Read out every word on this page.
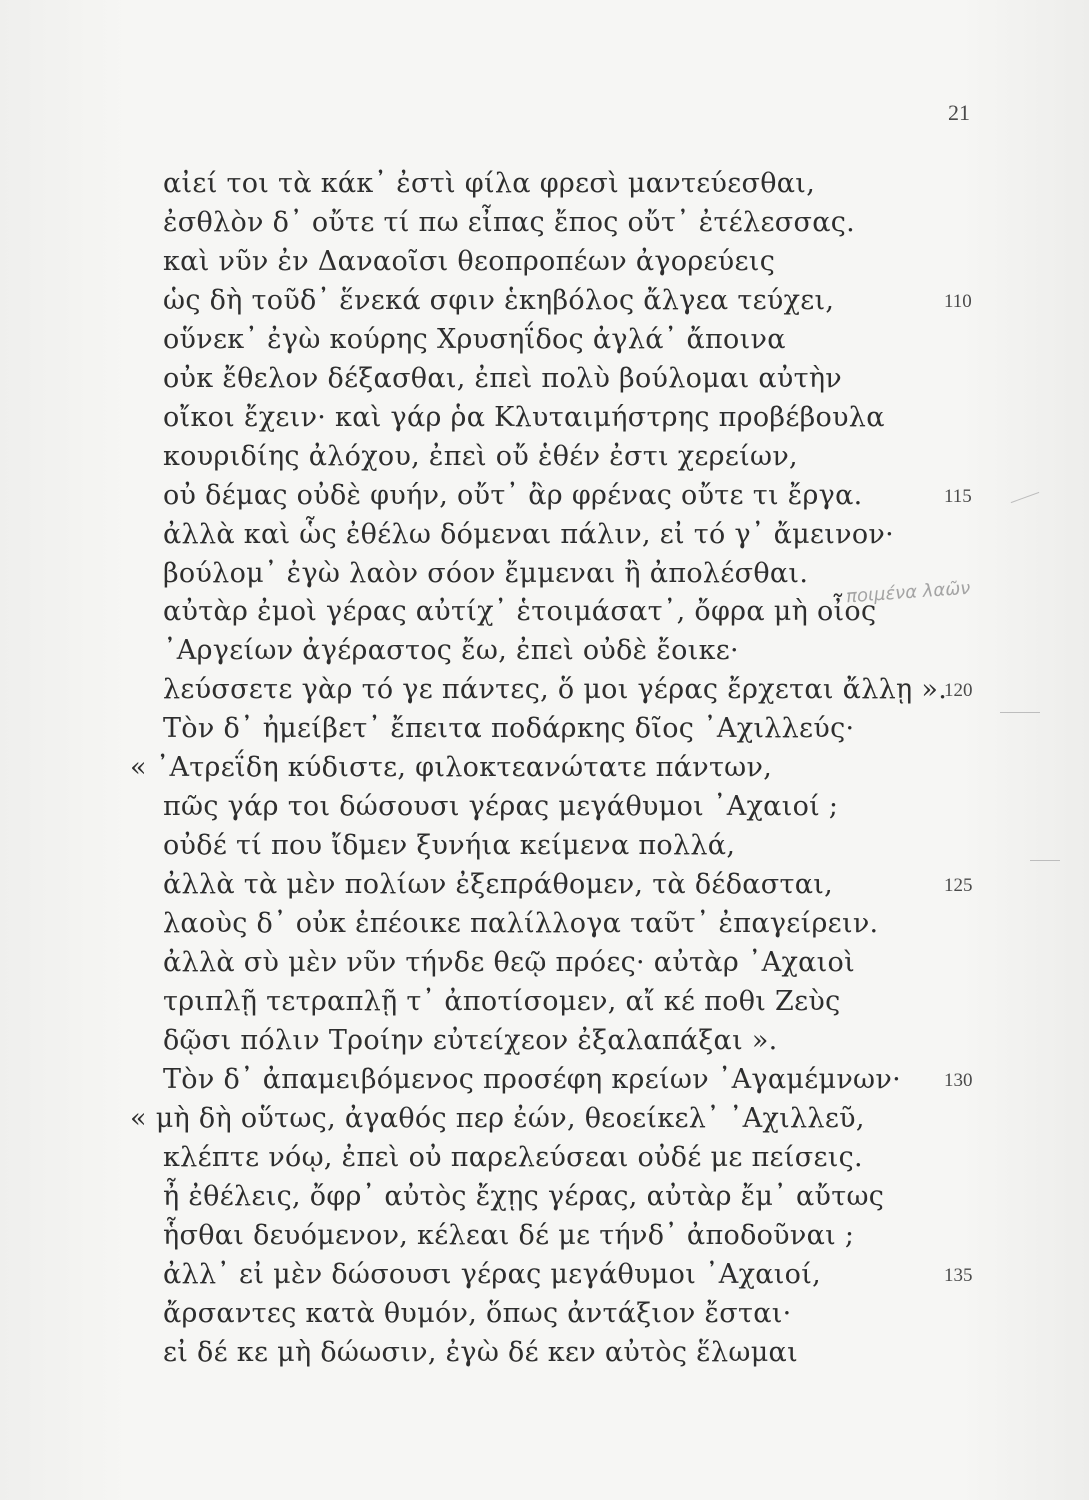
21
αἰεί τοι τὰ κάκ᾽ ἐστὶ φίλα φρεσὶ μαντεύεσθαι,
ἐσθλὸν δ᾽ οὔτε τί πω εἶπας ἔπος οὔτ᾽ ἐτέλεσσας.
καὶ νῦν ἐν Δαναοῖσι θεοπροπέων ἀγορεύεις
ὡς δὴ τοῦδ᾽ ἕνεκά σφιν ἑκηβόλος ἄλγεα τεύχει,	110
οὕνεκ᾽ ἐγὼ κούρης Χρυσηΐδος ἀγλά᾽ ἄποινα
οὐκ ἔθελον δέξασθαι, ἐπεὶ πολὺ βούλομαι αὐτὴν
οἴκοι ἔχειν· καὶ γάρ ῥα Κλυταιμήστρης προβέβουλα
κουριδίης ἀλόχου, ἐπεὶ οὔ ἑθέν ἐστι χερείων,
οὐ δέμας οὐδὲ φυήν, οὔτ᾽ ἂρ φρένας οὔτε τι ἔργα.	115
ἀλλὰ καὶ ὧς ἐθέλω δόμεναι πάλιν, εἰ τό γ᾽ ἄμεινον·
βούλομ᾽ ἐγὼ λαὸν σόον ἔμμεναι ἢ ἀπολέσθαι.
αὐτὰρ ἐμοὶ γέρας αὐτίχ᾽ ἑτοιμάσατ᾽, ὄφρα μὴ οἶος
᾽Αργείων ἀγέραστος ἔω, ἐπεὶ οὐδὲ ἔοικε·
λεύσσετε γὰρ τό γε πάντες, ὅ μοι γέρας ἔρχεται ἄλλῃ ».
120
Τὸν δ᾽ ἠμείβετ᾽ ἔπειτα ποδάρκης δῖος ᾽Αχιλλεύς·
« ᾽Ατρεΐδη κύδιστε, φιλοκτεανώτατε πάντων,
πῶς γάρ τοι δώσουσι γέρας μεγάθυμοι ᾽Αχαιοί ;
οὐδέ τί που ἴδμεν ξυνήια κείμενα πολλά,
ἀλλὰ τὰ μὲν πολίων ἐξεπράθομεν, τὰ δέδασται,	125
λαοὺς δ᾽ οὐκ ἐπέοικε παλίλλογα ταῦτ᾽ ἐπαγείρειν.
ἀλλὰ σὺ μὲν νῦν τήνδε θεῷ πρόες· αὐτὰρ ᾽Αχαιοὶ
τριπλῇ τετραπλῇ τ᾽ ἀποτίσομεν, αἴ κέ ποθι Ζεὺς
δῷσι πόλιν Τροίην εὐτείχεον ἐξαλαπάξαι ».
Τὸν δ᾽ ἀπαμειβόμενος προσέφη κρείων ᾽Αγαμέμνων· 130
« μὴ δὴ οὕτως, ἀγαθός περ ἐών, θεοείκελ᾽ ᾽Αχιλλεῦ,
κλέπτε νόῳ, ἐπεὶ οὐ παρελεύσεαι οὐδέ με πείσεις.
ἦ ἐθέλεις, ὄφρ᾽ αὐτὸς ἔχῃς γέρας, αὐτὰρ ἔμ᾽ αὔτως
ἧσθαι δευόμενον, κέλεαι δέ με τήνδ᾽ ἀποδοῦναι ;
ἀλλ᾽ εἰ μὲν δώσουσι γέρας μεγάθυμοι ᾽Αχαιοί,	135
ἄρσαντες κατὰ θυμόν, ὅπως ἀντάξιον ἔσται·
εἰ δέ κε μὴ δώωσιν, ἐγὼ δέ κεν αὐτὸς ἕλωμαι
ποιμένα λαῶν
